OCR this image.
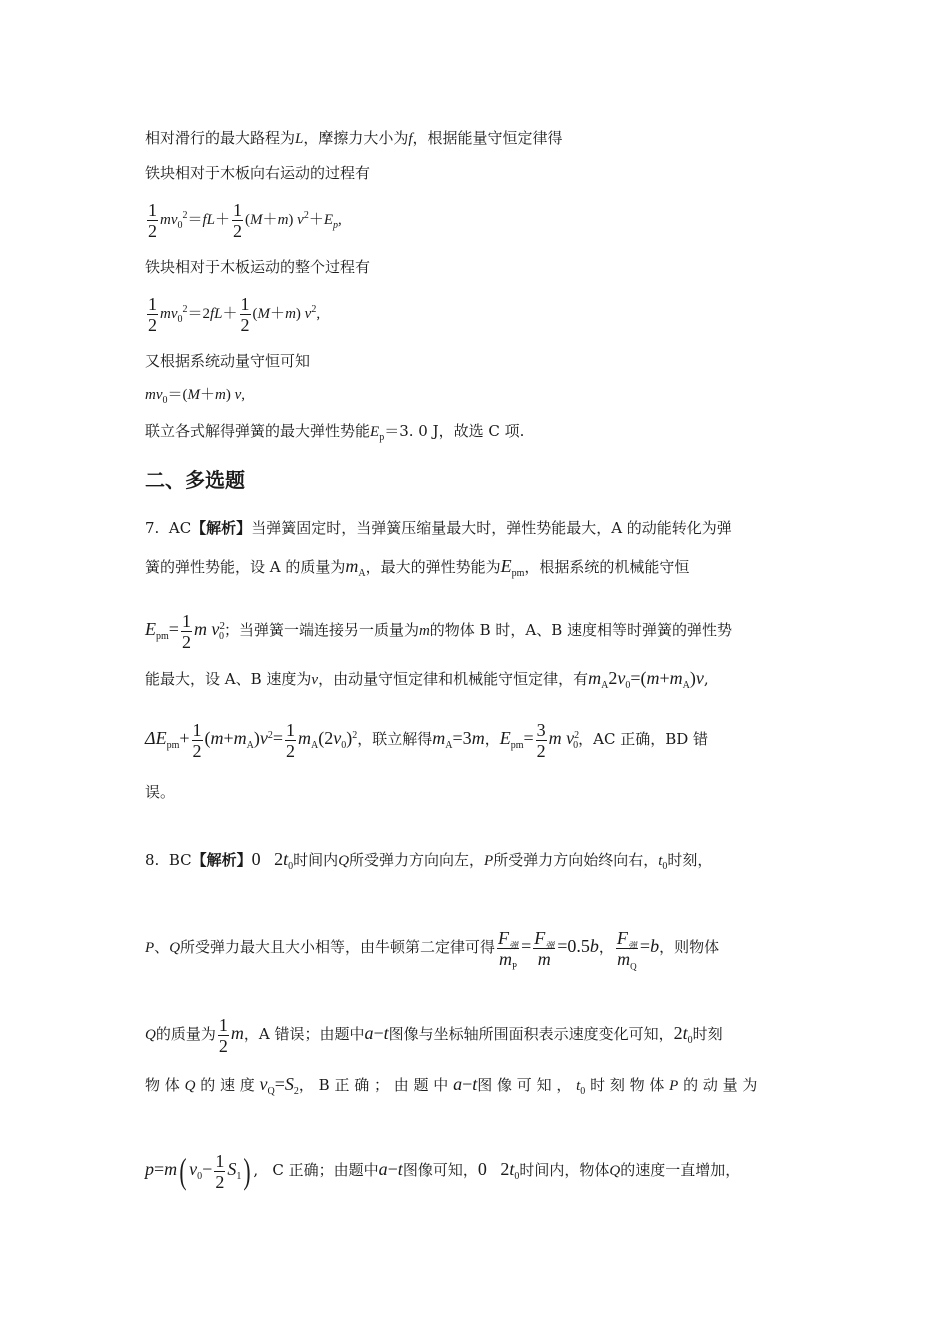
相对滑行的最大路程为L，摩擦力大小为f，根据能量守恒定律得
铁块相对于木板向右运动的过程有
$\frac{1}{2} mv_0^2=fL+ \frac{1}{2} (M+m)$ $v^2+E_p$,
铁块相对于木板运动的整个过程有
$\frac{1}{2} mv_0^2=2fL+ \frac{1}{2} (M+m)$ $v^2$,
又根据系统动量守恒可知
$mv_0=(M+m)$ v,
联立各式解得弹簧的最大弹性势能$E_p=3$. 0 J，故选 C 项.
二、多选题
7. AC【解析】当弹簧固定时，当弹簧压缩量最大时，弹性势能最大，A 的动能转化为弹
簧的弹性势能，设 A 的质量为$m_A$，最大的弹性势能为$E_{pm}$，根据系统的机械能守恒
$E_{pm}= \frac{1}{2}$ m $v^2_0$；当弹簧一端连接另一质量为m的物体 B 时，A、B 速度相等时弹簧的弹性势
能最大，设 A、B 速度为v，由动量守恒定律和机械能守恒定律，有$m_A2v_0=(m+m_A)v$,
$\Delta E_{pm}+ \frac{1}{2} (m+m_A)v^2= \frac{1}{2} m_A(2v_0)^2$，联立解得$m_A=3m$，$E_{pm}= \frac{3}{2}$ m $v^2_0$，AC 正确，BD 错
误。
8. BC【解析】0   $2t_0$时间内Q所受弹力方向向左，P所受弹力方向始终向右，$t_0$时刻，
P、Q所受弹力最大且大小相等，由牛顿第二定律可得 $\frac{F_弹}{m_P} = \frac{F_弹}{m} =0.5b$， $\frac{F_弹}{m_Q} =b$，则物体
Q的质量为 $\frac{1}{2}$ m，A 错误；由题中a−t图像与坐标轴所围面积表示速度变化可知，$2t_0$时刻
物 体 Q 的 速 度 $v_Q=S_2$， B 正 确 ； 由 题 中 a−t图 像 可 知 ， $t_0$ 时 刻 物 体 P 的 动 量 为
p=m( $v_0- \frac{1}{2} S_1$) ,   C 正确；由题中a−t图像可知，0   $2t_0$时间内，物体Q的速度一直增加，
